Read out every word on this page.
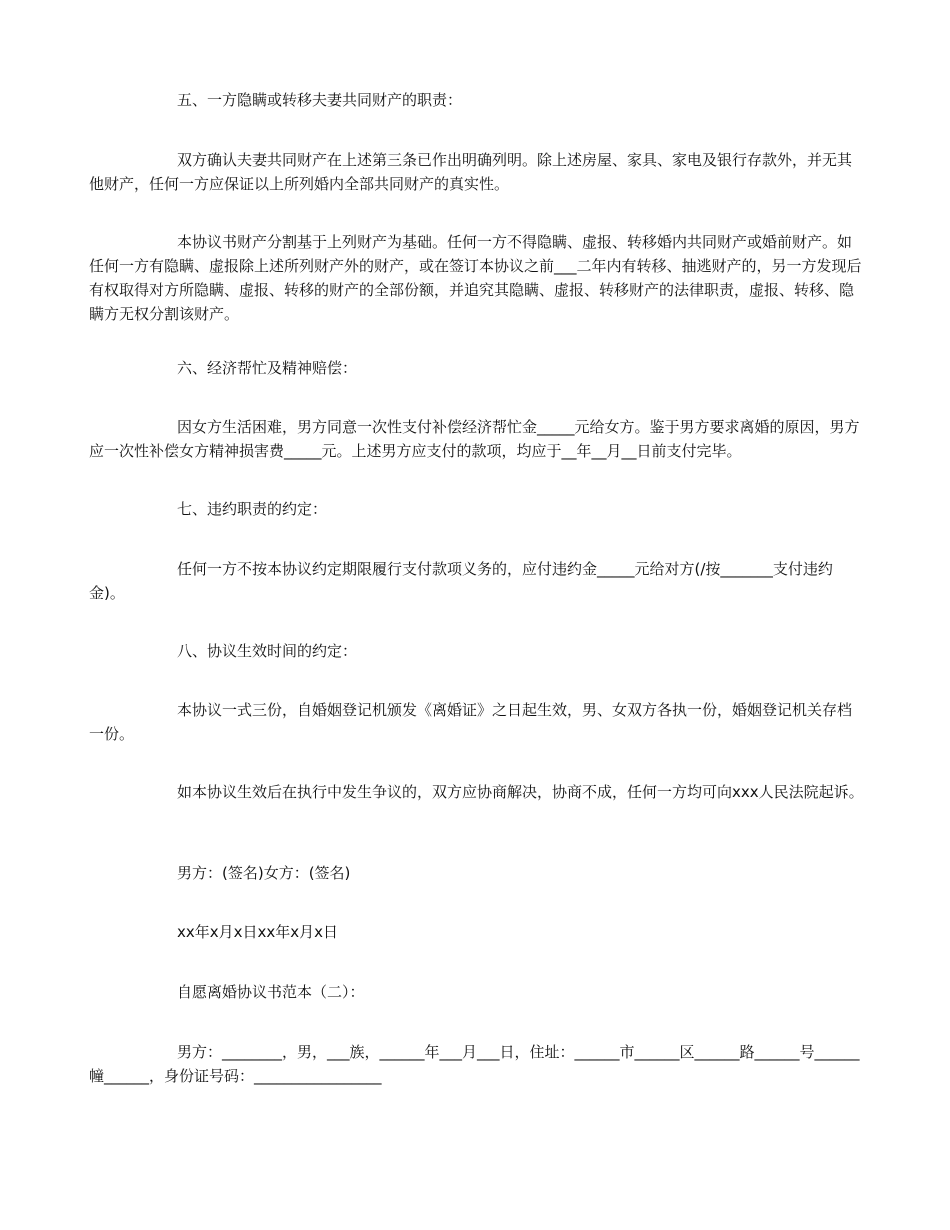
五、一方隐瞒或转移夫妻共同财产的职责：

双方确认夫妻共同财产在上述第三条已作出明确列明。除上述房屋、家具、家电及银行存款外，并无其他财产，任何一方应保证以上所列婚内全部共同财产的真实性。

本协议书财产分割基于上列财产为基础。任何一方不得隐瞒、虚报、转移婚内共同财产或婚前财产。如任何一方有隐瞒、虚报除上述所列财产外的财产，或在签订本协议之前___二年内有转移、抽逃财产的，另一方发现后有权取得对方所隐瞒、虚报、转移的财产的全部份额，并追究其隐瞒、虚报、转移财产的法律职责，虚报、转移、隐瞒方无权分割该财产。

六、经济帮忙及精神赔偿：

因女方生活困难，男方同意一次性支付补偿经济帮忙金_____元给女方。鉴于男方要求离婚的原因，男方应一次性补偿女方精神损害费_____元。上述男方应支付的款项，均应于__年__月__日前支付完毕。

七、违约职责的约定：

任何一方不按本协议约定期限履行支付款项义务的，应付违约金_____元给对方(/按_______支付违约金)。

八、协议生效时间的约定：

本协议一式三份，自婚姻登记机颁发《离婚证》之日起生效，男、女双方各执一份，婚姻登记机关存档一份。

如本协议生效后在执行中发生争议的，双方应协商解决，协商不成，任何一方均可向xxx人民法院起诉。

男方：(签名)女方：(签名)

xx年x月x日xx年x月x日

自愿离婚协议书范本（二）：

男方：________，男，___族，______年___月___日，住址：______市______区______路______号______幢______，身份证号码：_________________
